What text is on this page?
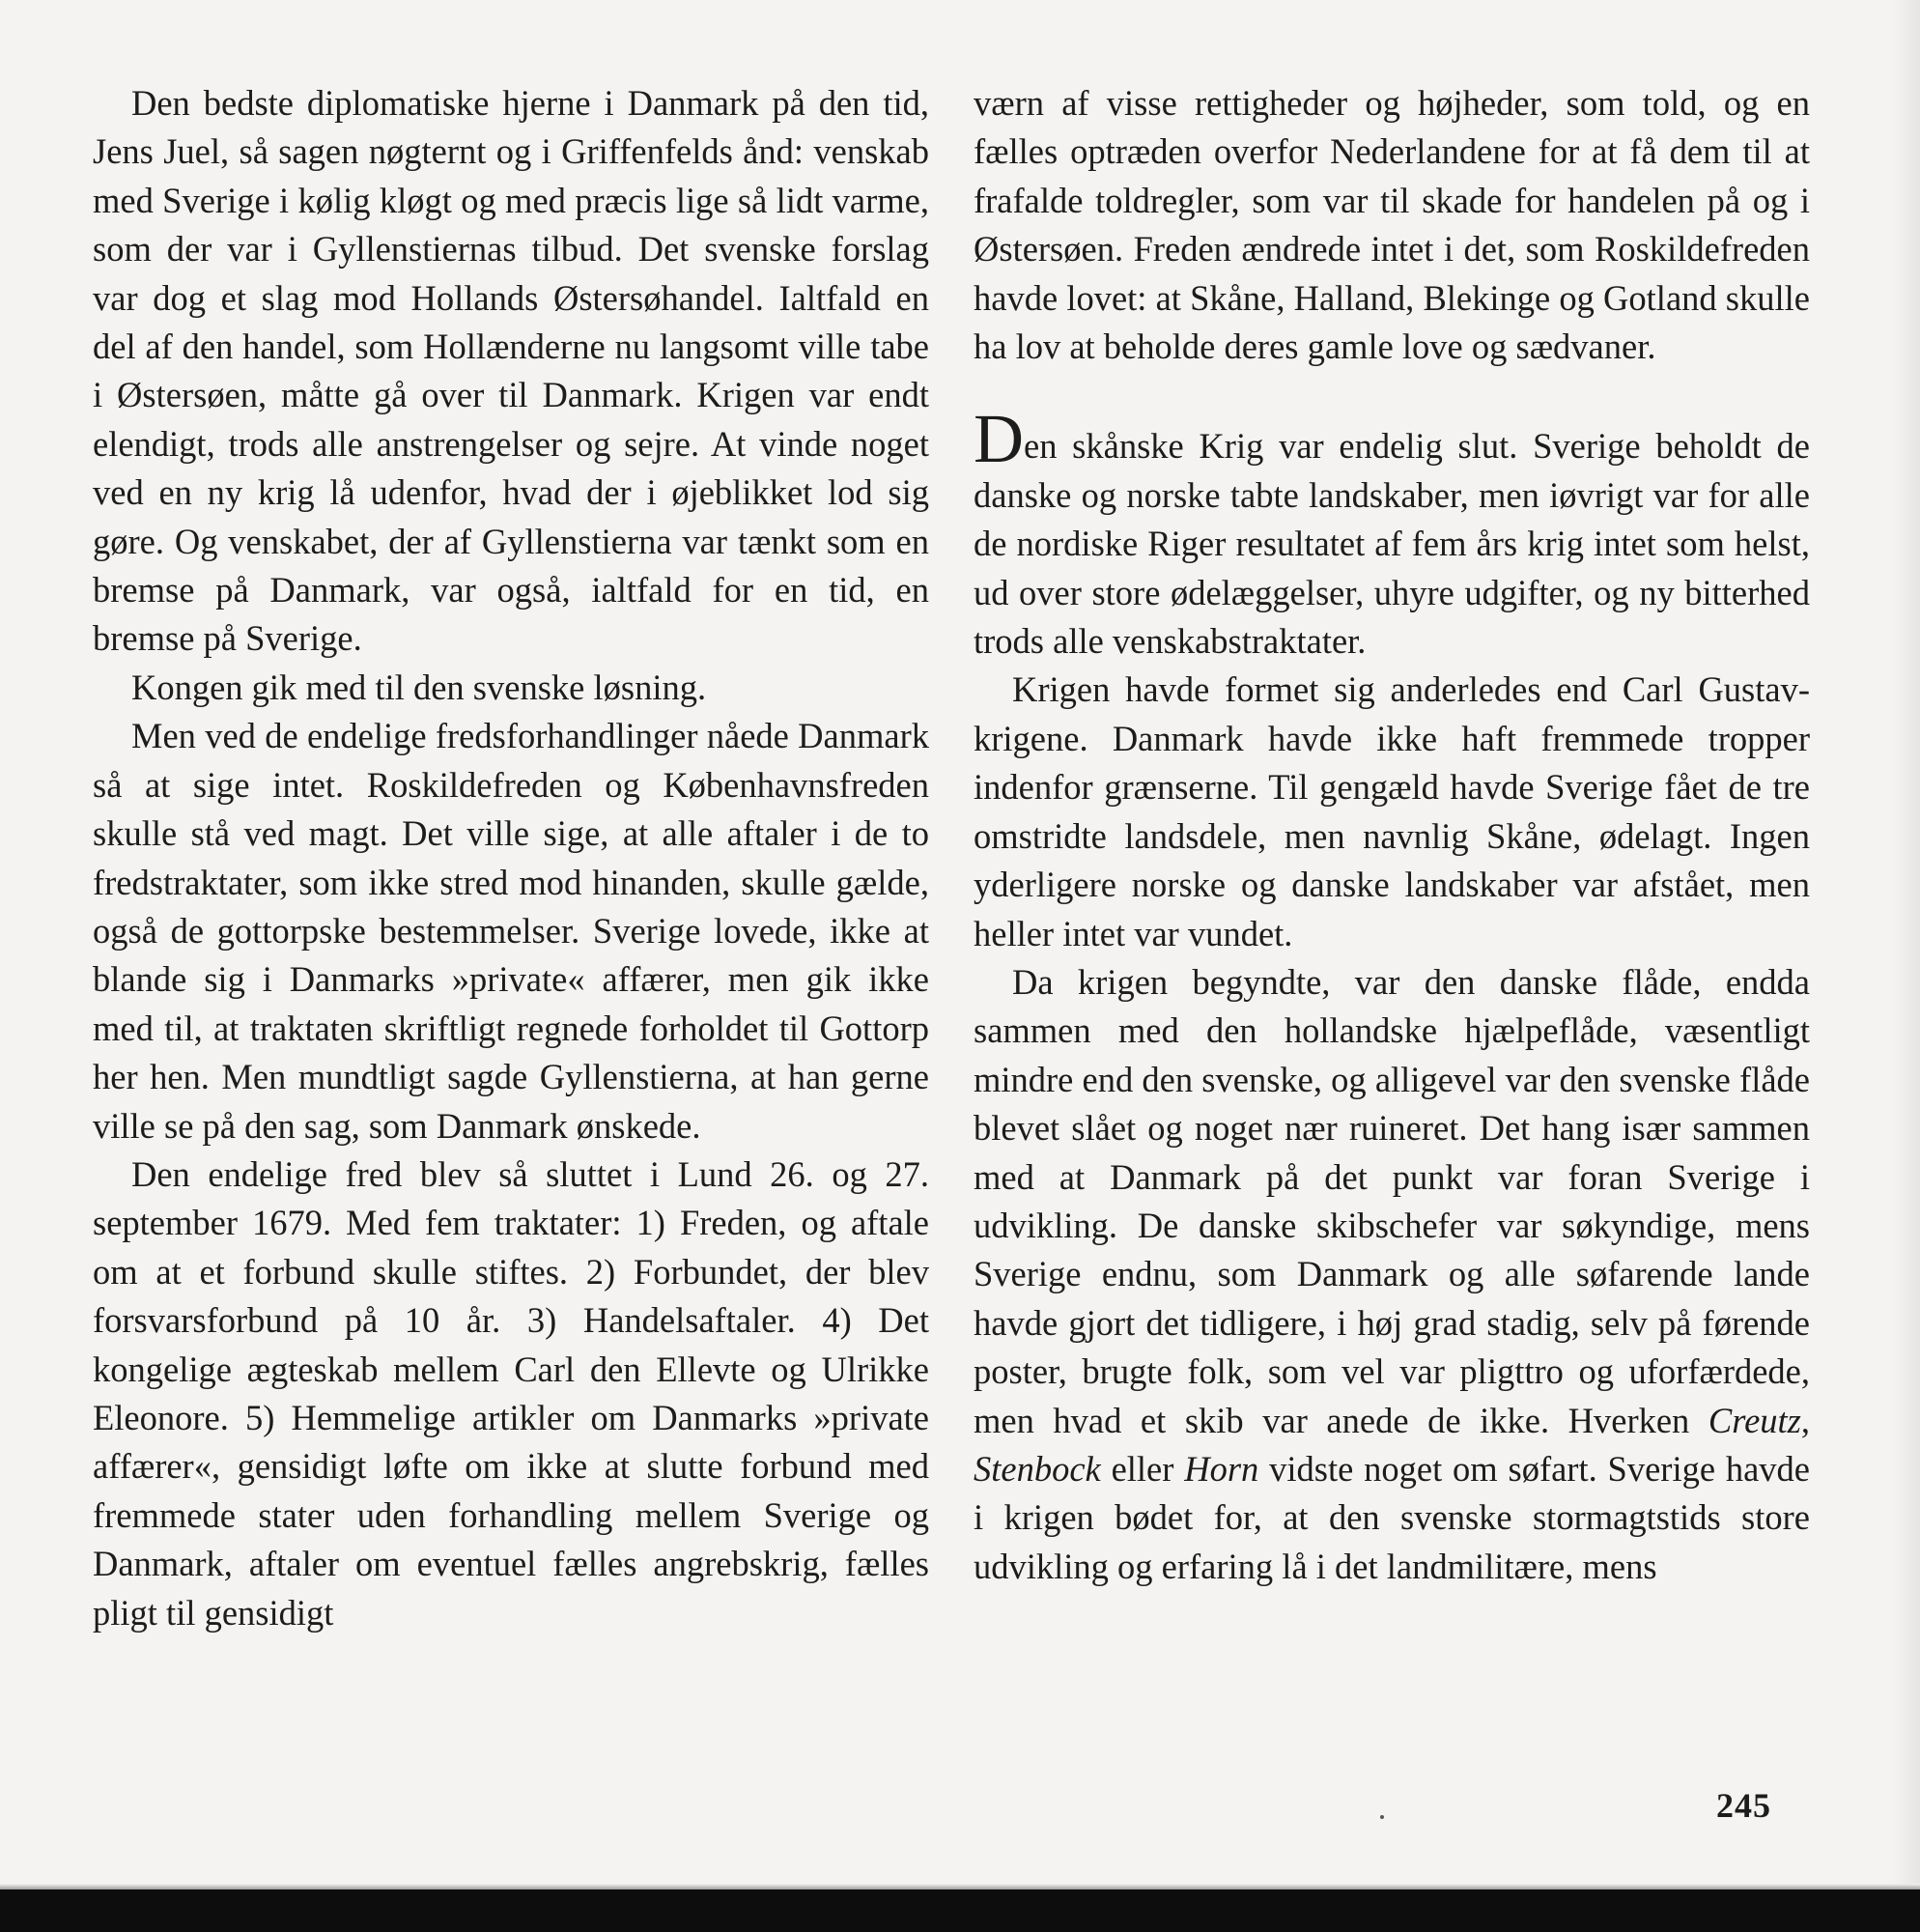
Den bedste diplomatiske hjerne i Danmark på den tid, Jens Juel, så sagen nøgternt og i Griffenfelds ånd: venskab med Sverige i kølig kløgt og med præcis lige så lidt varme, som der var i Gyllenstiernas tilbud. Det svenske forslag var dog et slag mod Hollands Østersøhandel. Ialtfald en del af den handel, som Hollænderne nu langsomt ville tabe i Østersøen, måtte gå over til Danmark. Krigen var endt elendigt, trods alle anstrengelser og sejre. At vinde noget ved en ny krig lå udenfor, hvad der i øjeblikket lod sig gøre. Og venskabet, der af Gyllenstierna var tænkt som en bremse på Danmark, var også, ialtfald for en tid, en bremse på Sverige.

Kongen gik med til den svenske løsning.

Men ved de endelige fredsforhandlinger nåede Danmark så at sige intet. Roskildefreden og Københavnsfreden skulle stå ved magt. Det ville sige, at alle aftaler i de to fredstraktater, som ikke stred mod hinanden, skulle gælde, også de gottorpske bestemmelser. Sverige lovede, ikke at blande sig i Danmarks »private« affærer, men gik ikke med til, at traktaten skriftligt regnede forholdet til Gottorp her hen. Men mundtligt sagde Gyllenstierna, at han gerne ville se på den sag, som Danmark ønskede.

Den endelige fred blev så sluttet i Lund 26. og 27. september 1679. Med fem traktater: 1) Freden, og aftale om at et forbund skulle stiftes. 2) Forbundet, der blev forsvarsforbund på 10 år. 3) Handelsaftaler. 4) Det kongelige ægteskab mellem Carl den Ellevte og Ulrikke Eleonore. 5) Hemmelige artikler om Danmarks »private affærer«, gensidigt løfte om ikke at slutte forbund med fremmede stater uden forhandling mellem Sverige og Danmark, aftaler om eventuel fælles angrebskrig, fælles pligt til gensidigt

værn af visse rettigheder og højheder, som told, og en fælles optræden overfor Nederlandene for at få dem til at frafalde toldregler, som var til skade for handelen på og i Østersøen. Freden ændrede intet i det, som Roskildefreden havde lovet: at Skåne, Halland, Blekinge og Gotland skulle ha lov at beholde deres gamle love og sædvaner.

Den skånske Krig var endelig slut. Sverige beholdt de danske og norske tabte landskaber, men iøvrigt var for alle de nordiske Riger resultatet af fem års krig intet som helst, ud over store ødelæggelser, uhyre udgifter, og ny bitterhed trods alle venskabstraktater.

Krigen havde formet sig anderledes end Carl Gustav-krigene. Danmark havde ikke haft fremmede tropper indenfor grænserne. Til gengæld havde Sverige fået de tre omstridte landsdele, men navnlig Skåne, ødelagt. Ingen yderligere norske og danske landskaber var afstået, men heller intet var vundet.

Da krigen begyndte, var den danske flåde, endda sammen med den hollandske hjælpeflåde, væsentligt mindre end den svenske, og alligevel var den svenske flåde blevet slået og noget nær ruineret. Det hang især sammen med at Danmark på det punkt var foran Sverige i udvikling. De danske skibschefer var søkyndige, mens Sverige endnu, som Danmark og alle søfarende lande havde gjort det tidligere, i høj grad stadig, selv på førende poster, brugte folk, som vel var pligttro og uforfærdede, men hvad et skib var anede de ikke. Hverken Creutz, Stenbock eller Horn vidste noget om søfart. Sverige havde i krigen bødet for, at den svenske stormagtstids store udvikling og erfaring lå i det landmilitære, mens

245
